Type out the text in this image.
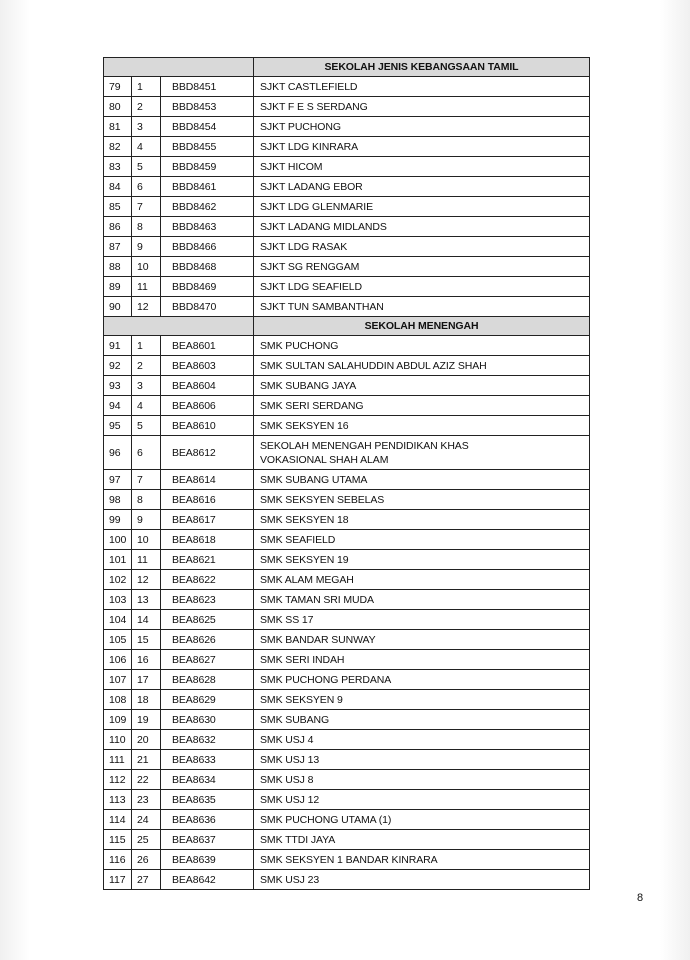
			SEKOLAH JENIS KEBANGSAAN TAMIL
79	1	BBD8451	SJKT CASTLEFIELD

80	2	BBD8453	SJKT F E S SERDANG

81	3	BBD8454	SJKT PUCHONG

82	4	BBD8455	SJKT LDG KINRARA

83	5	BBD8459	SJKT HICOM

84	6	BBD8461	SJKT LADANG EBOR

85	7	BBD8462	SJKT LDG GLENMARIE

86	8	BBD8463	SJKT LADANG MIDLANDS

87	9	BBD8466	SJKT LDG RASAK

88	10	BBD8468	SJKT SG RENGGAM

89	11	BBD8469	SJKT LDG SEAFIELD

90	12	BBD8470	SJKT TUN SAMBANTHAN

			SEKOLAH MENENGAH
91	1	BEA8601	SMK PUCHONG

92	2	BEA8603	SMK SULTAN SALAHUDDIN ABDUL AZIZ SHAH

93	3	BEA8604	SMK SUBANG JAYA

94	4	BEA8606	SMK SERI SERDANG

95	5	BEA8610	SMK SEKSYEN 16

96	6	BEA8612	SEKOLAH MENENGAH PENDIDIKAN KHAS
VOKASIONAL SHAH ALAM

97	7	BEA8614	SMK SUBANG UTAMA

98	8	BEA8616	SMK SEKSYEN SEBELAS

99	9	BEA8617	SMK SEKSYEN 18

100	10	BEA8618	SMK SEAFIELD

101	11	BEA8621	SMK SEKSYEN 19

102	12	BEA8622	SMK ALAM MEGAH

103	13	BEA8623	SMK TAMAN SRI MUDA

104	14	BEA8625	SMK SS 17

105	15	BEA8626	SMK BANDAR SUNWAY

106	16	BEA8627	SMK SERI INDAH

107	17	BEA8628	SMK PUCHONG PERDANA

108	18	BEA8629	SMK SEKSYEN 9

109	19	BEA8630	SMK SUBANG

110	20	BEA8632	SMK USJ 4

111	21	BEA8633	SMK USJ 13

112	22	BEA8634	SMK USJ 8

113	23	BEA8635	SMK USJ 12

114	24	BEA8636	SMK PUCHONG UTAMA (1)

115	25	BEA8637	SMK TTDI JAYA

116	26	BEA8639	SMK SEKSYEN 1 BANDAR KINRARA

117	27	BEA8642	SMK USJ 23
8
